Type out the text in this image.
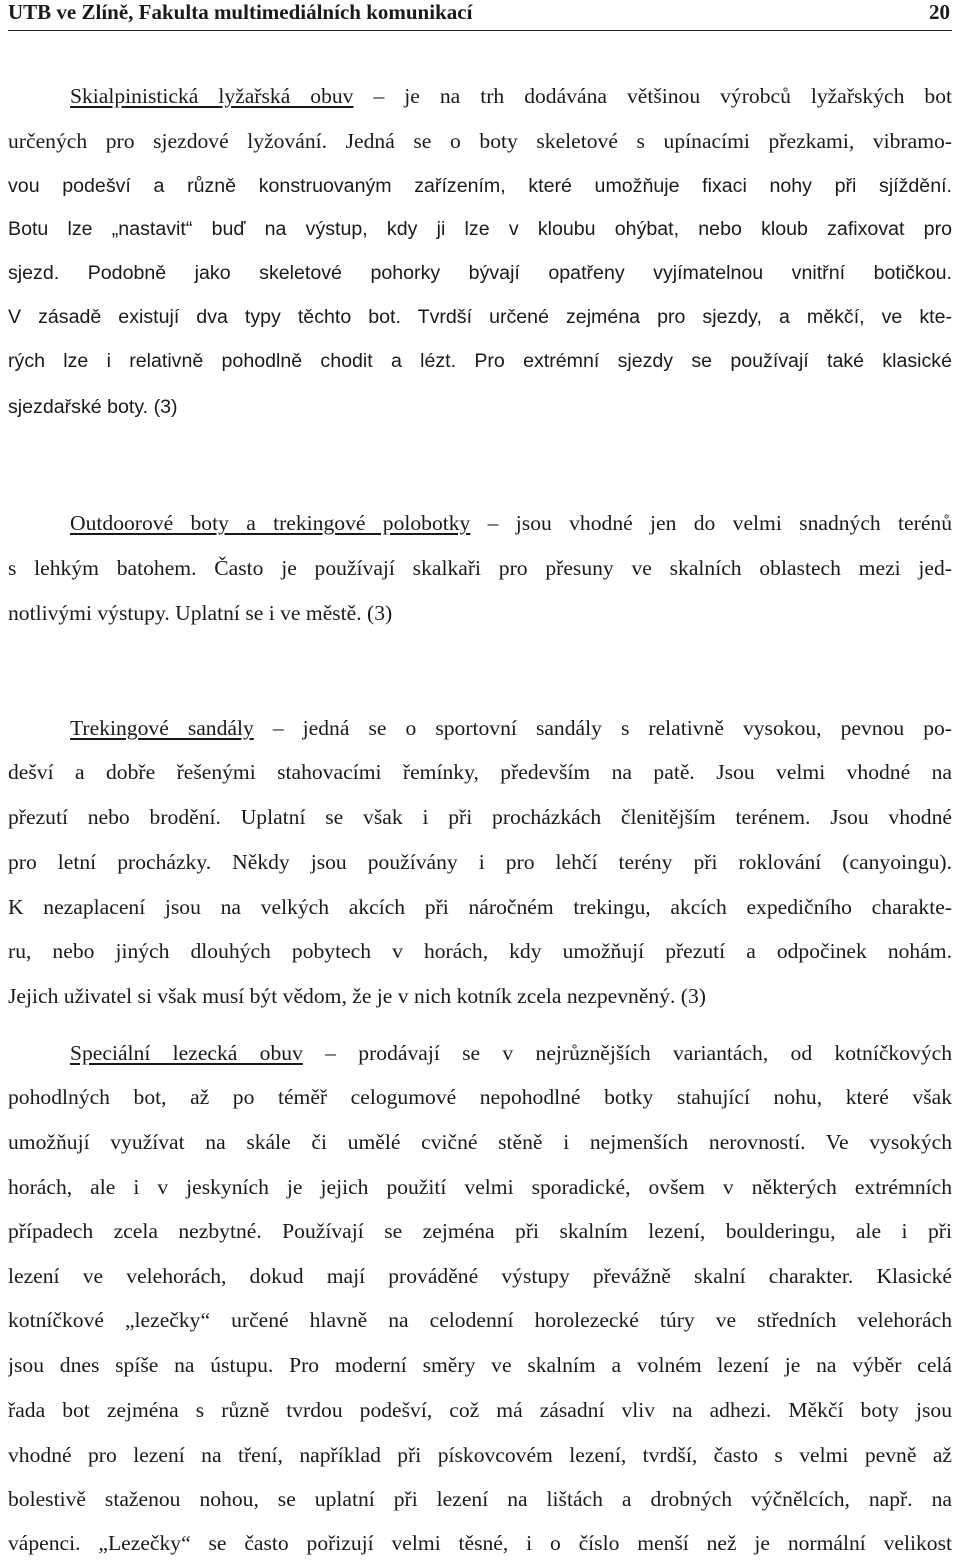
UTB ve Zlíně, Fakulta multimediálních komunikací	20
Skialpinistická lyžařská obuv – je na trh dodávána většinou výrobců lyžařských bot
určených pro sjezdové lyžování. Jedná se o boty skeletové s upínacími přezkami, vibramo-
vou podešví a různě konstruovaným zařízením, které umožňuje fixaci nohy při sjíždění.
Botu lze „nastavit“ buď na výstup, kdy ji lze v kloubu ohýbat, nebo kloub zafixovat pro
sjezd. Podobně jako skeletové pohorky bývají opatřeny vyjímatelnou vnitřní botičkou.
V zásadě existují dva typy těchto bot. Tvrdší určené zejména pro sjezdy, a měkčí, ve kte-
rých lze i relativně pohodlně chodit a lézt. Pro extrémní sjezdy se používají také klasické
sjezdařské boty. (3)
Outdoorové boty a trekingové polobotky – jsou vhodné jen do velmi snadných terénů
s lehkým batohem. Často je používají skalkaři pro přesuny ve skalních oblastech mezi jed-
notlivými výstupy. Uplatní se i ve městě. (3)
Trekingové sandály – jedná se o sportovní sandály s relativně vysokou, pevnou po-
dešví a dobře řešenými stahovacími řemínky, především na patě. Jsou velmi vhodné na
přezutí nebo brodění. Uplatní se však i při procházkách členitějším terénem. Jsou vhodné
pro letní procházky. Někdy jsou používány i pro lehčí terény při roklování (canyoingu).
K nezaplacení jsou na velkých akcích při náročném trekingu, akcích expedičního charakte-
ru, nebo jiných dlouhých pobytech v horách, kdy umožňují přezutí a odpočinek nohám.
Jejich uživatel si však musí být vědom, že je v nich kotník zcela nezpevněný. (3)
Speciální lezecká obuv – prodávají se v nejrůznějších variantách, od kotníčkových
pohodlných bot, až po téměř celogumové nepohodlné botky stahující nohu, které však
umožňují využívat na skále či umělé cvičné stěně i nejmenších nerovností. Ve vysokých
horách, ale i v jeskyních je jejich použití velmi sporadické, ovšem v některých extrémních
případech zcela nezbytné. Používají se zejména při skalním lezení, boulderingu, ale i při
lezení ve velehorách, dokud mají prováděné výstupy převážně skalní charakter. Klasické
kotníčkové „lezečky“ určené hlavně na celodenní horolezecké túry ve středních velehorách
jsou dnes spíše na ústupu. Pro moderní směry ve skalním a volném lezení je na výběr celá
řada bot zejména s různě tvrdou podešví, což má zásadní vliv na adhezi. Měkčí boty jsou
vhodné pro lezení na tření, například při pískovcovém lezení, tvrdší, často s velmi pevně až
bolestivě staženou nohou, se uplatní při lezení na lištách a drobných výčnělcích, např. na
vápenci. „Lezečky“ se často pořizují velmi těsné, i o číslo menší než je normální velikost
